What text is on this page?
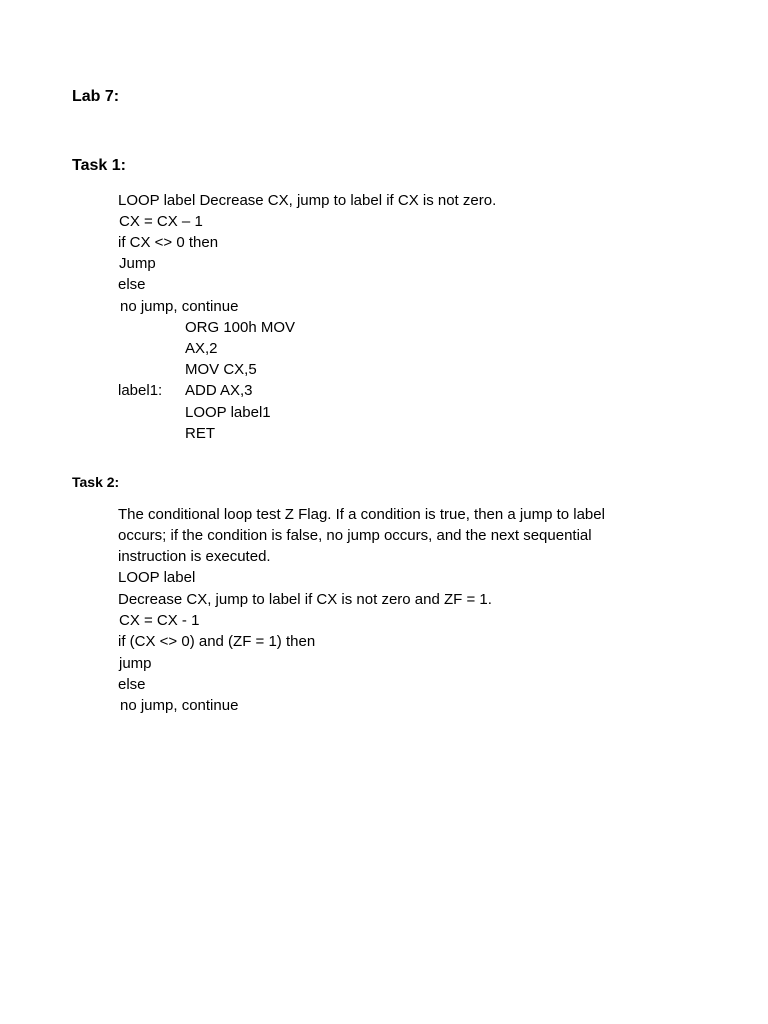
Lab 7:
Task 1:
LOOP label Decrease CX, jump to label if CX is not zero.
CX = CX – 1
if CX <> 0 then
Jump
else
no jump, continue
ORG 100h MOV
AX,2
MOV CX,5
label1: ADD AX,3
LOOP label1
RET
Task 2:
The conditional loop test Z Flag. If a condition is true, then a jump to label
occurs; if the condition is false, no jump occurs, and the next sequential
instruction is executed.
LOOP label
Decrease CX, jump to label if CX is not zero and ZF = 1.
CX = CX - 1
if (CX <> 0) and (ZF = 1) then
jump
else
no jump, continue
